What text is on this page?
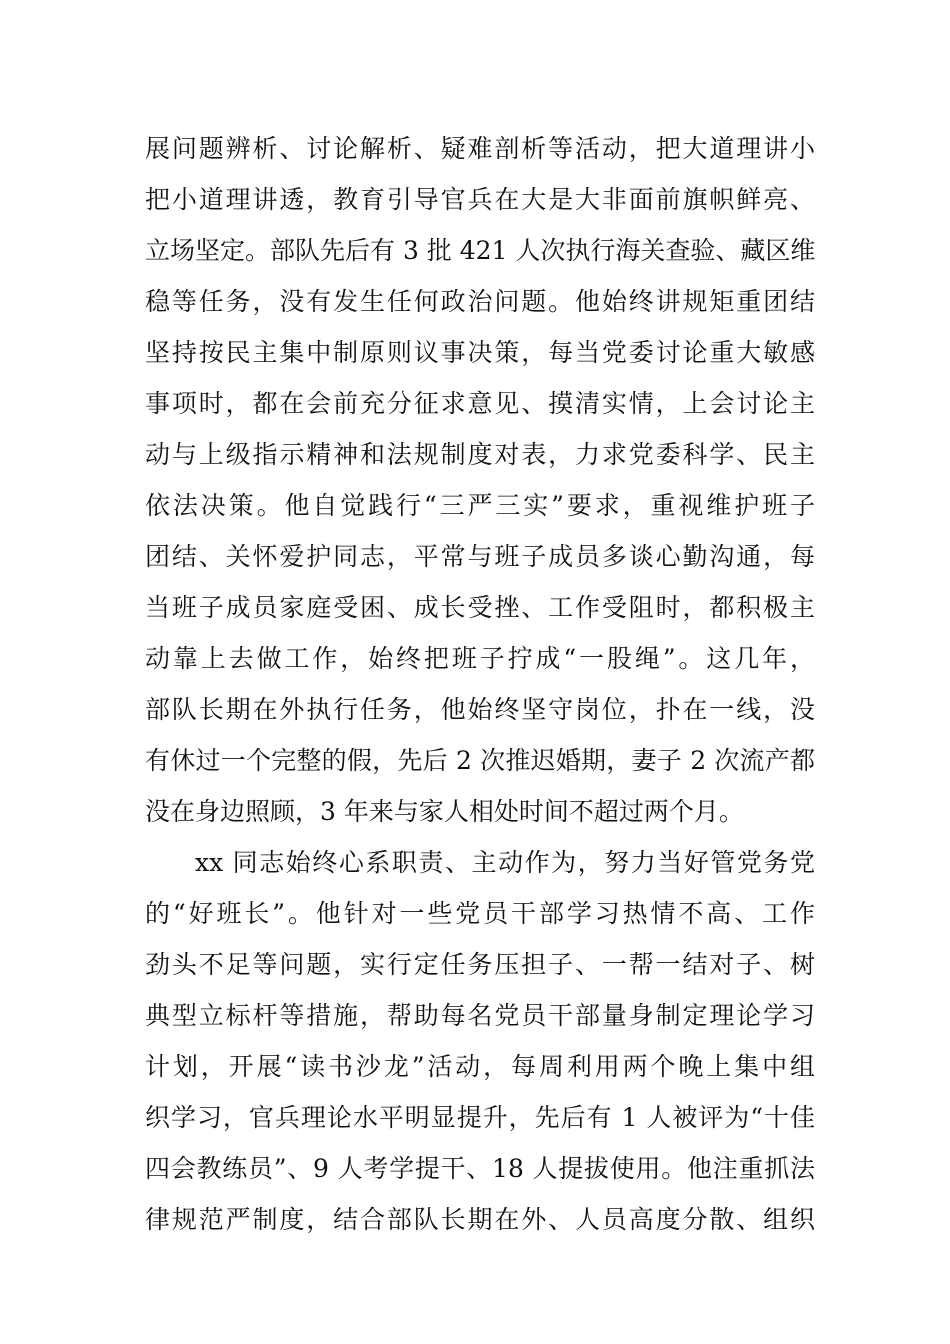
展问题辨析、讨论解析、疑难剖析等活动，把大道理讲小
把小道理讲透，教育引导官兵在大是大非面前旗帜鲜亮、
立场坚定。部队先后有 3 批 421 人次执行海关查验、藏区维
稳等任务，没有发生任何政治问题。他始终讲规矩重团结
坚持按民主集中制原则议事决策，每当党委讨论重大敏感
事项时，都在会前充分征求意见、摸清实情，上会讨论主
动与上级指示精神和法规制度对表，力求党委科学、民主
依法决策。他自觉践行“三严三实”要求，重视维护班子
团结、关怀爱护同志，平常与班子成员多谈心勤沟通，每
当班子成员家庭受困、成长受挫、工作受阻时，都积极主
动靠上去做工作，始终把班子拧成“一股绳”。这几年，
部队长期在外执行任务，他始终坚守岗位，扑在一线，没
有休过一个完整的假，先后 2 次推迟婚期，妻子 2 次流产都
没在身边照顾，3 年来与家人相处时间不超过两个月。
xx 同志始终心系职责、主动作为，努力当好管党务党
的“好班长”。他针对一些党员干部学习热情不高、工作
劲头不足等问题，实行定任务压担子、一帮一结对子、树
典型立标杆等措施，帮助每名党员干部量身制定理论学习
计划，开展“读书沙龙”活动，每周利用两个晚上集中组
织学习，官兵理论水平明显提升，先后有 1 人被评为“十佳
四会教练员”、9 人考学提干、18 人提拔使用。他注重抓法
律规范严制度，结合部队长期在外、人员高度分散、组织
